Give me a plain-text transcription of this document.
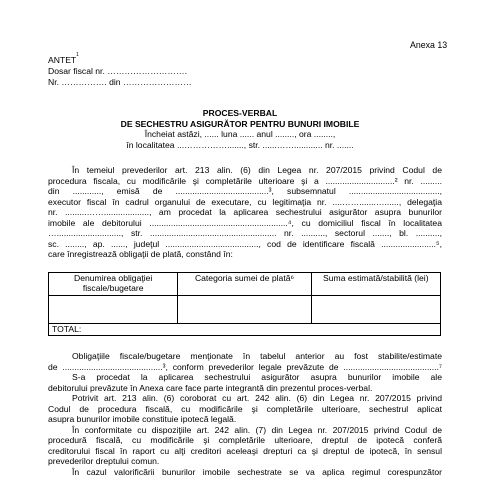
Anexa 13
ANTET$^1$
Dosar fiscal nr. ……………………….
Nr. ……………. din ……………………
PROCES-VERBAL
DE SECHESTRU ASIGURĂTOR PENTRU BUNURI IMOBILE
Încheiat astăzi, ...... luna ...... anul ........, ora ........,
în localitatea ...……………......., str. ......……............ nr. .......
În temeiul prevederilor art. 213 alin. (6) din Legea nr. 207/2015 privind Codul de
procedura fiscala, cu modificările şi completările ulterioare şi a .............................² nr. .........
din ............, emisă de .......................................³, subsemnatul ......................................,
executor fiscal în cadrul organului de executare, cu legitimaţia nr. ....…….......…......, delegaţia
nr. .........……..................., am procedat la aplicarea sechestrului asigurător asupra bunurilor
imobile ale debitorului ..........................................................⁴, cu domiciliul fiscal în localitatea
…..........................., str. ..................................................... nr. .........., sectorul ......., bl. ..........,
sc. ........, ap. ......, judeţul ......................................., cod de identificare fiscală .......................⁵,
care înregistrează obligaţii de plată, constând în:
Denumirea obligaţiei fiscale/bugetare	Categoria sumei de plată⁶	Suma estimată/stabilită (lei)

TOTAL:		
Obligaţiile fiscale/bugetare menţionate în tabelul anterior au fost stabilite/estimate
de ..........................................³, conform prevederilor legale prevăzute de ........................................⁷
S-a procedat la aplicarea sechestrului asigurător asupra bunurilor imobile ale
debitorului prevăzute în Anexa care face parte integrantă din prezentul proces-verbal.
Potrivit art. 213 alin. (6) coroborat cu art. 242 alin. (6) din Legea nr. 207/2015 privind
Codul de procedura fiscală, cu modificările şi completările ulterioare, sechestrul aplicat
asupra bunurilor imobile constituie ipotecă legală.
În conformitate cu dispoziţiile art. 242 alin. (7) din Legea nr. 207/2015 privind Codul de
procedură fiscală, cu modificările şi completările ulterioare, dreptul de ipotecă conferă
creditorului fiscal în raport cu alţi creditori aceleaşi drepturi ca şi dreptul de ipotecă, în sensul
prevederilor dreptului comun.
În cazul valorificării bunurilor imobile sechestrate se va aplica regimul corespunzător
